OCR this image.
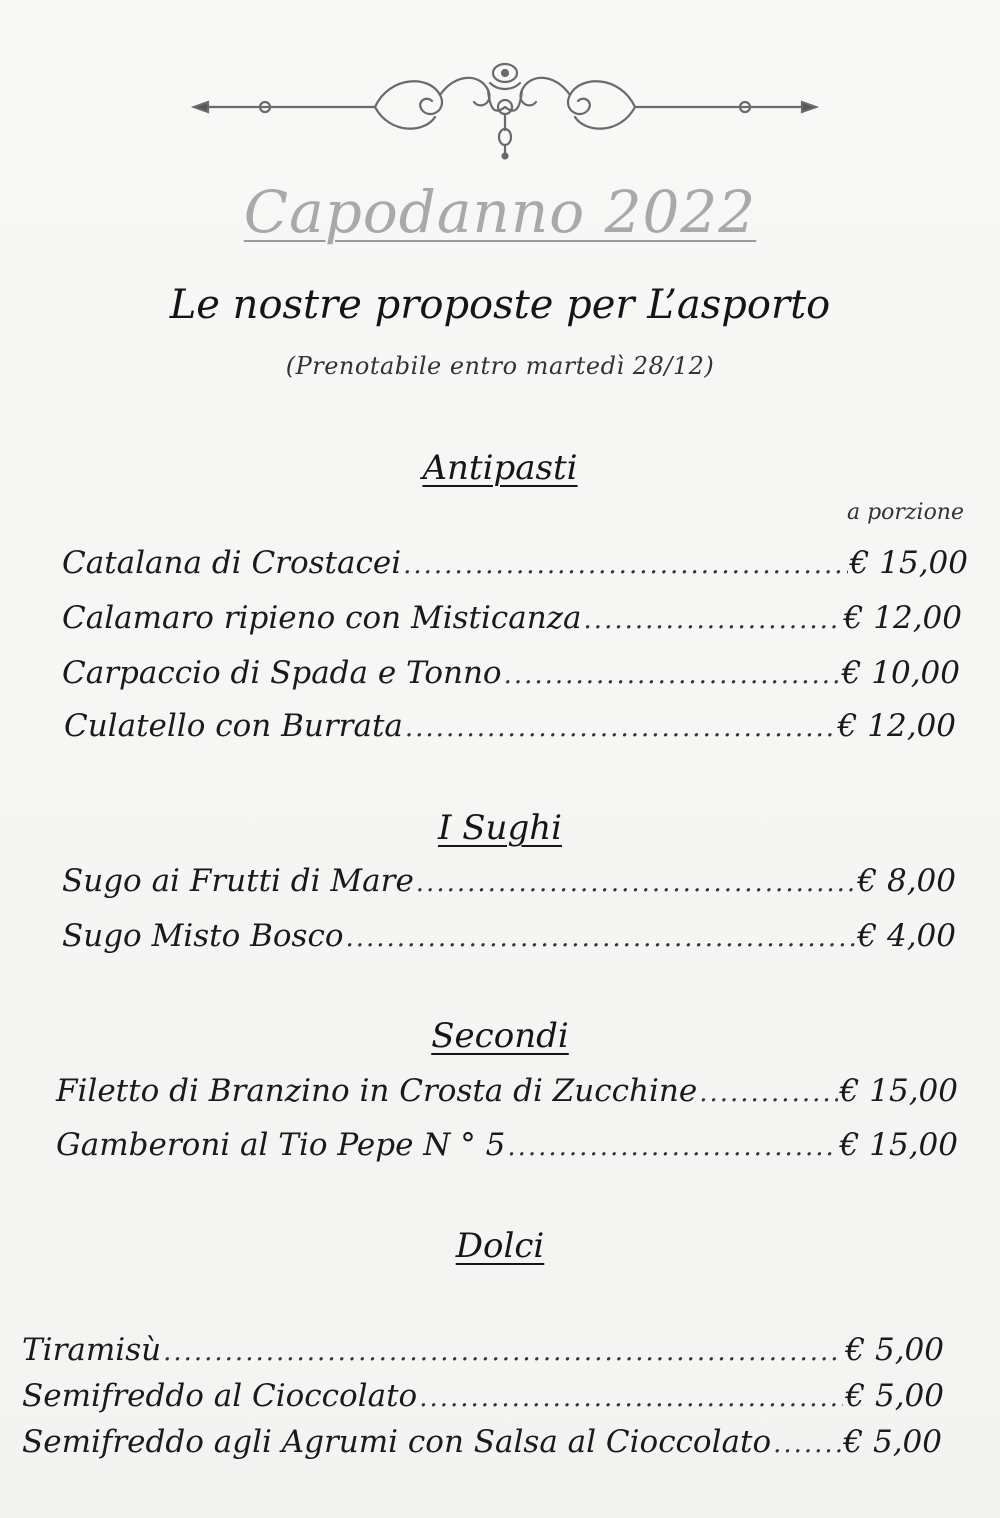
Capodanno 2022
Le nostre proposte per L’asporto
(Prenotabile entro martedì 28/12)
Antipasti
a porzione
Catalana di Crostacei .....	€ 15,00
Calamaro ripieno con Misticanza .....	€ 12,00
Carpaccio di Spada e Tonno .....	€ 10,00
Culatello con Burrata .....	€ 12,00
I Sughi
Sugo ai Frutti di Mare .....	€ 8,00
Sugo Misto Bosco .....	€ 4,00
Secondi
Filetto di Branzino in Crosta di Zucchine .....	€ 15,00
Gamberoni al Tio Pepe N ° 5 .....	€ 15,00
Dolci
Tiramisù .....	€ 5,00
Semifreddo al Cioccolato .....	€ 5,00
Semifreddo agli Agrumi con Salsa al Cioccolato ..... € 5,00
